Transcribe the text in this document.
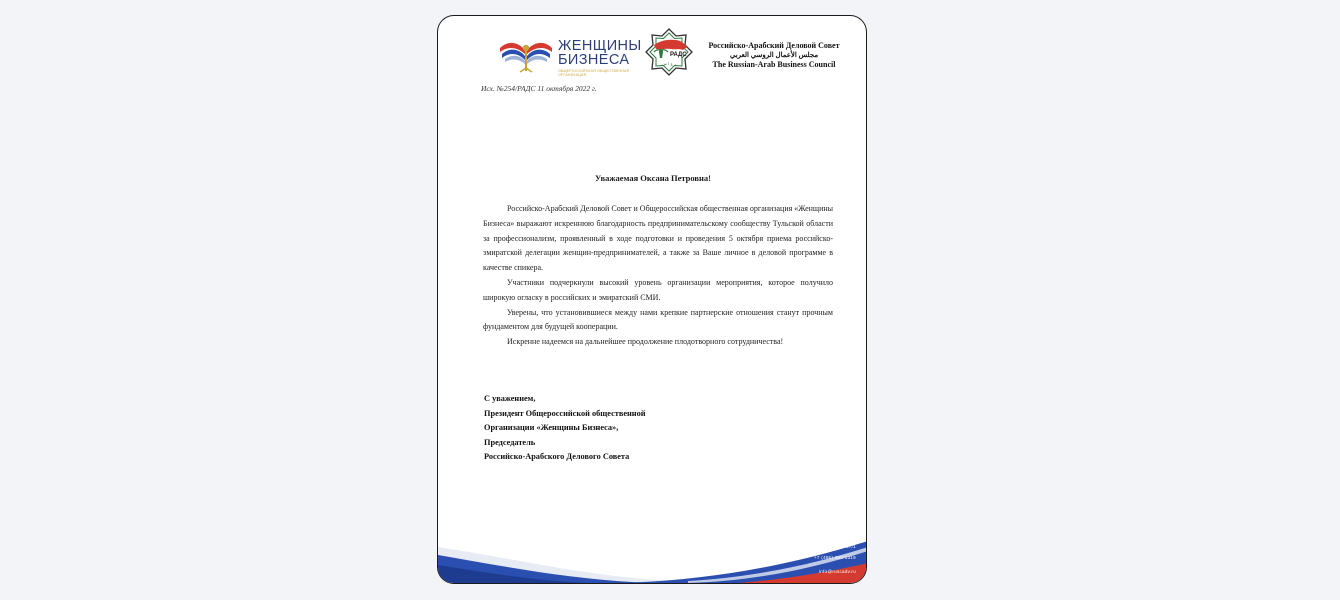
ЖЕНЩИНЫ
БИЗНЕСА
ОБЩЕРОССИЙСКАЯ ОБЩЕСТВЕННАЯ ОРГАНИЗАЦИЯ
РАДС
ﺭ ﻉ ﺍ ﺱ
Российско-Арабский Деловой Совет
مجلس الأعمال الروسي العربي
The Russian-Arab Business Council
Исх. №254/РАДС 11 октября 2022 г.
Уважаемая Оксана Петровна!

Российско-Арабский Деловой Совет и Общероссийская общественная организация «Женщины Бизнеса» выражают искреннюю благодарность предпринимательскому сообществу Тульской области за профессионализм, проявленный в ходе подготовки и проведения 5 октября приема российско-эмиратской делегации женщин-предпринимателей, а также за Ваше личное в деловой программе в качестве спикера.

Участники подчеркнули высокий уровень организации мероприятия, которое получило широкую огласку в российских и эмиратский СМИ.

Уверены, что установившиеся между нами крепкие партнерские отношения станут прочным фундаментом для будущей кооперации.

Искренне надеемся на дальнейшее продолжение плодотворного сотрудничества!

С уважением,
Президент Общероссийской общественной
Организации «Женщины Бизнеса»,
Председатель
Российско-Арабского Делового Совета
...ОБЩЕ 37/1
+7 (495) 300 1319
info@ruscadv.ru
